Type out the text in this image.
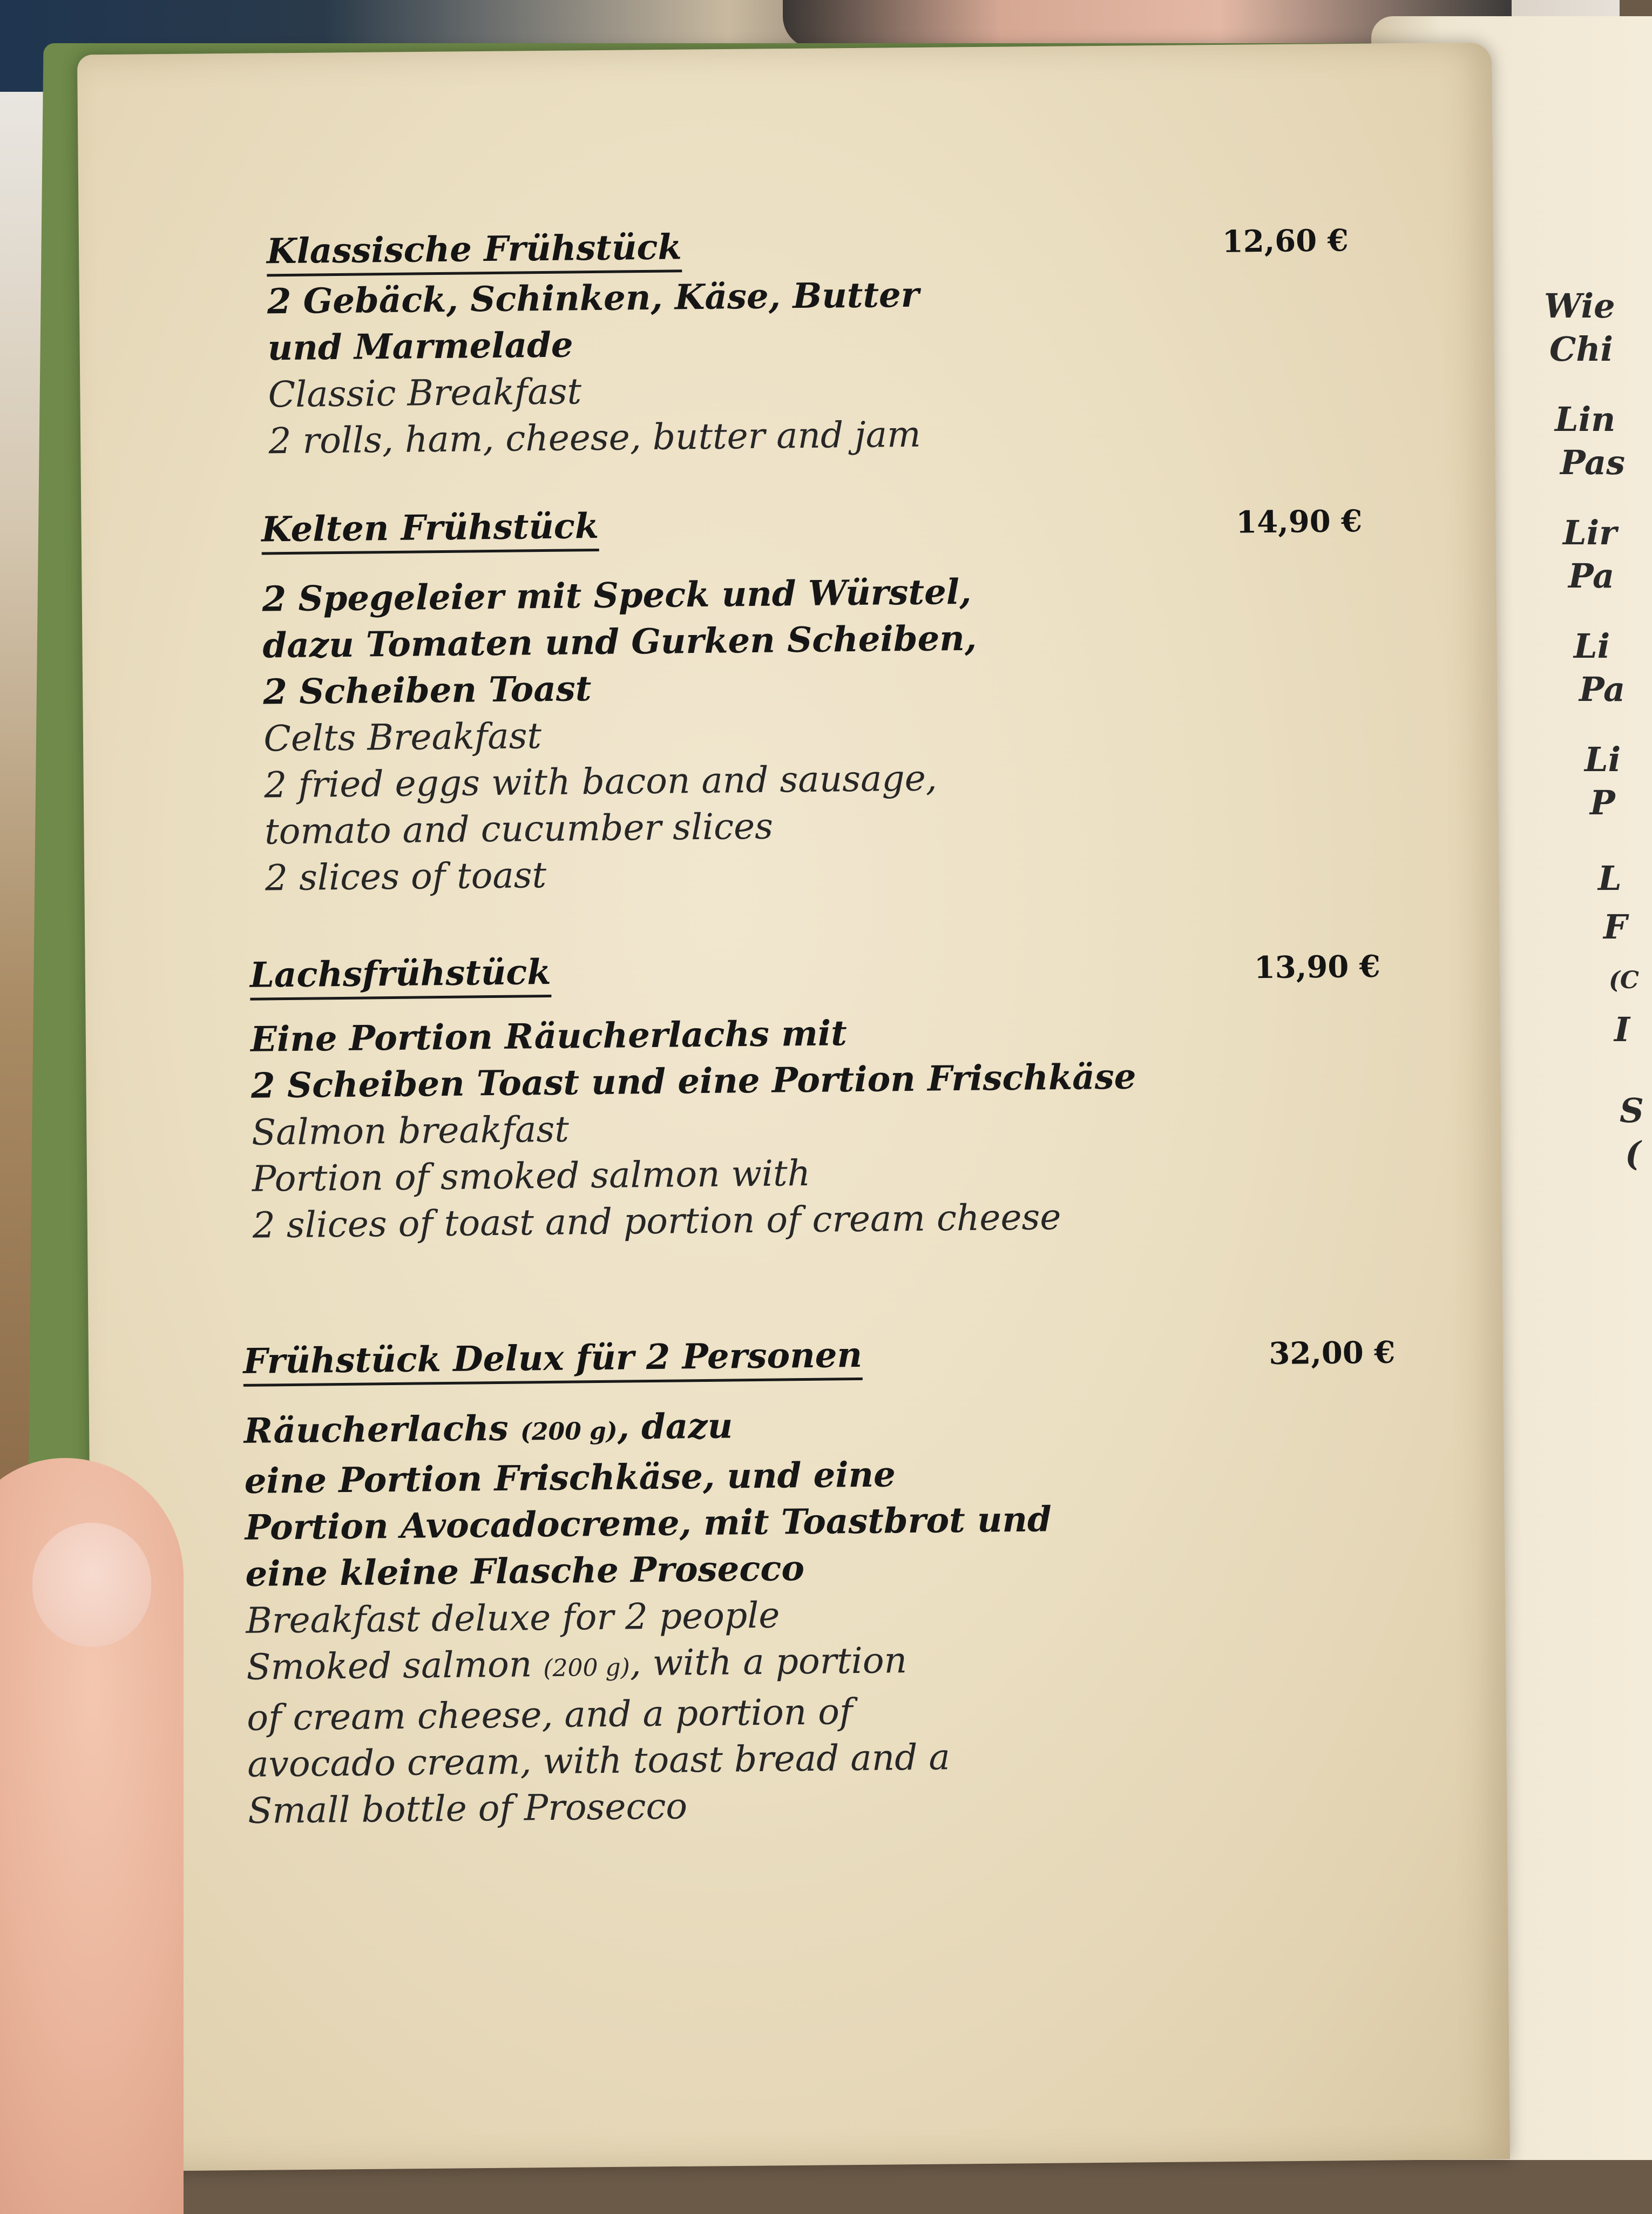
Wie
Chi
Lin
Pas
Lir
Pa
Li
Pa
Li
P
L
F
(C
I
S
(
Klassische Frühstück
2 Gebäck, Schinken, Käse, Butter
und Marmelade
Classic Breakfast
2 rolls, ham, cheese, butter and jam
12,60 €
Kelten Frühstück
2 Spegeleier mit Speck und Würstel,
dazu Tomaten und Gurken Scheiben,
2 Scheiben Toast
Celts Breakfast
2 fried eggs with bacon and sausage,
tomato and cucumber slices
2 slices of toast
14,90 €
Lachsfrühstück
Eine Portion Räucherlachs mit
2 Scheiben Toast und eine Portion Frischkäse
Salmon breakfast
Portion of smoked salmon with
2 slices of toast and portion of cream cheese
13,90 €
Frühstück Delux für 2 Personen
Räucherlachs (200 g), dazu
eine Portion Frischkäse, und eine
Portion Avocadocreme, mit Toastbrot und
eine kleine Flasche Prosecco
Breakfast deluxe for 2 people
Smoked salmon (200 g), with a portion
of cream cheese, and a portion of
avocado cream, with toast bread and a
Small bottle of Prosecco
32,00 €
